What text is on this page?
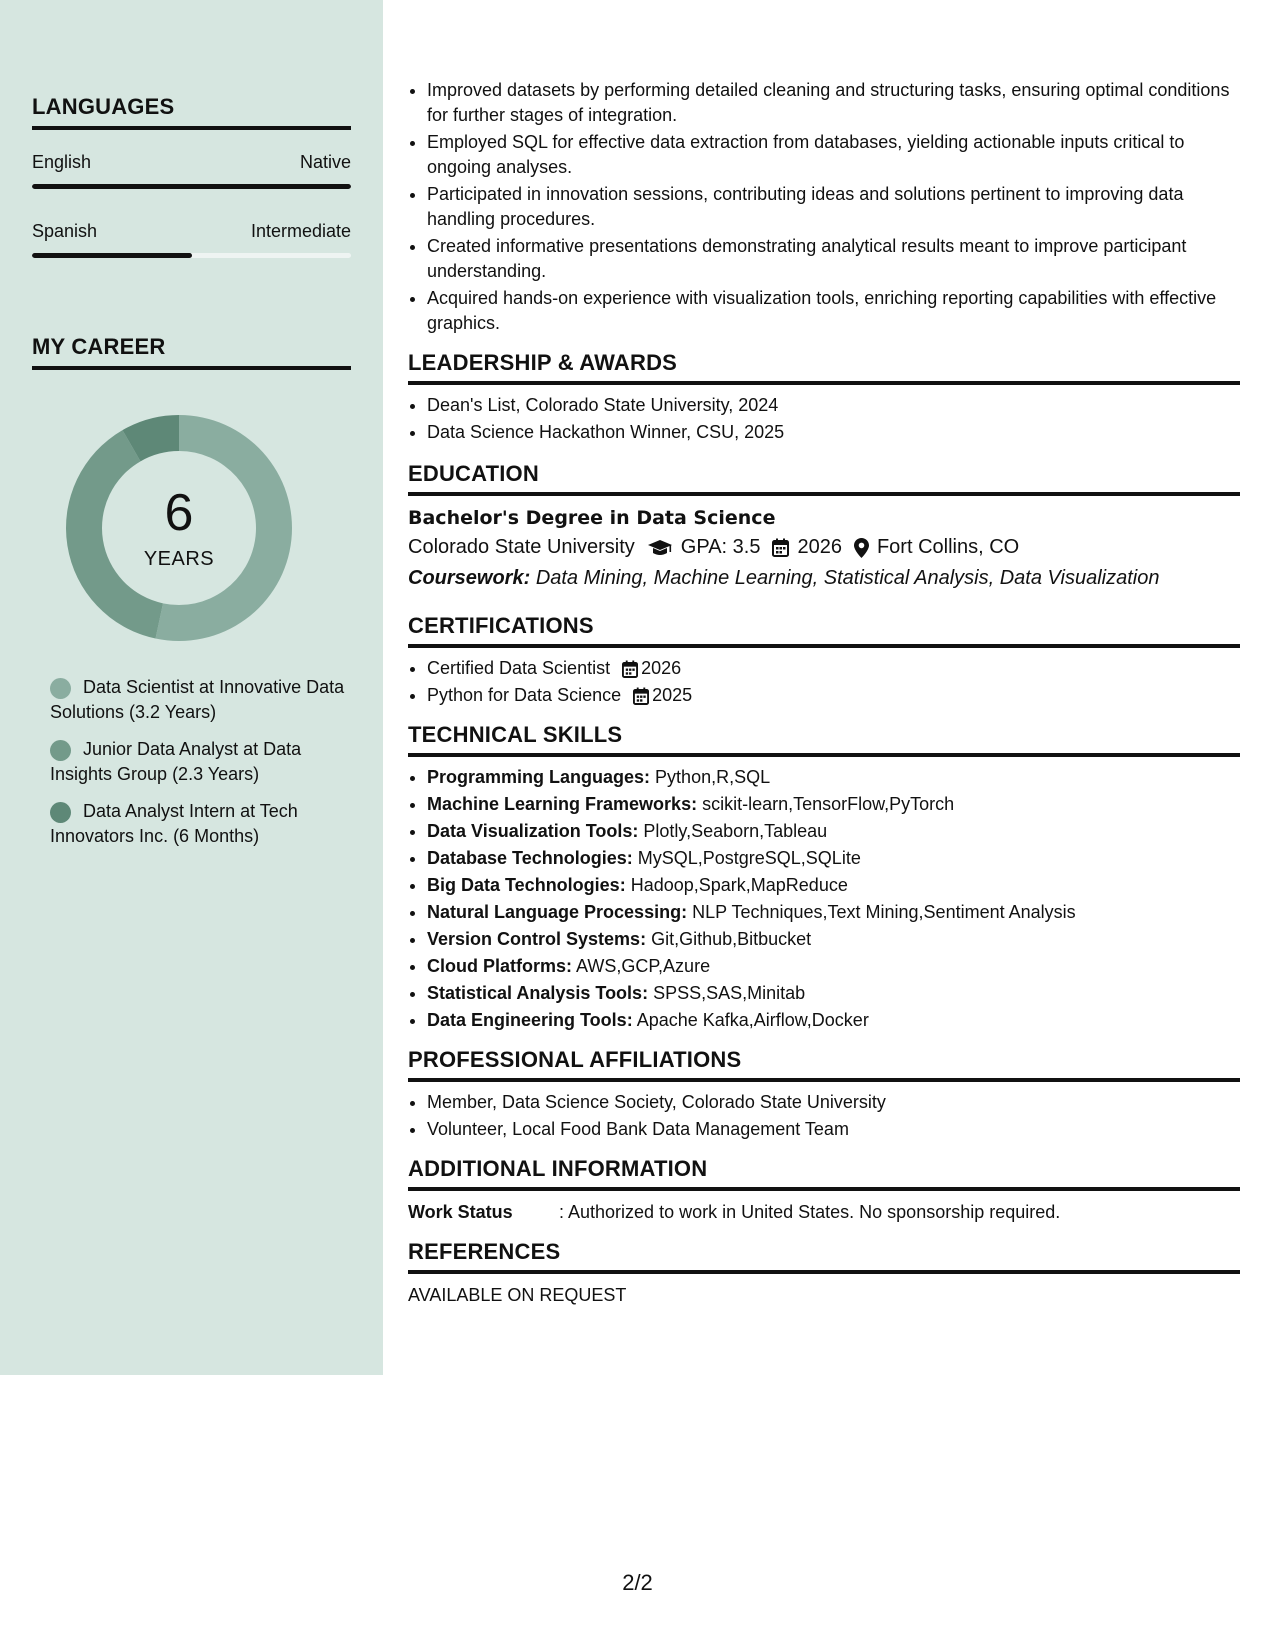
LANGUAGES
English	Native
Spanish	Intermediate
MY CAREER
6
YEARS
Data Scientist at Innovative Data Solutions (3.2 Years)
Junior Data Analyst at Data Insights Group (2.3 Years)
Data Analyst Intern at Tech Innovators Inc. (6 Months)
• Improved datasets by performing detailed cleaning and structuring tasks, ensuring optimal conditions for further stages of integration.
• Employed SQL for effective data extraction from databases, yielding actionable inputs critical to ongoing analyses.
• Participated in innovation sessions, contributing ideas and solutions pertinent to improving data handling procedures.
• Created informative presentations demonstrating analytical results meant to improve participant understanding.
• Acquired hands-on experience with visualization tools, enriching reporting capabilities with effective graphics.
LEADERSHIP & AWARDS
• Dean's List, Colorado State University, 2024
• Data Science Hackathon Winner, CSU, 2025
EDUCATION
Bachelor's Degree in Data Science
Colorado State University GPA: 3.5 2026 Fort Collins, CO
Coursework: Data Mining, Machine Learning, Statistical Analysis, Data Visualization
CERTIFICATIONS
• Certified Data Scientist 2026
• Python for Data Science 2025
TECHNICAL SKILLS
• Programming Languages: Python,R,SQL
• Machine Learning Frameworks: scikit-learn,TensorFlow,PyTorch
• Data Visualization Tools: Plotly,Seaborn,Tableau
• Database Technologies: MySQL,PostgreSQL,SQLite
• Big Data Technologies: Hadoop,Spark,MapReduce
• Natural Language Processing: NLP Techniques,Text Mining,Sentiment Analysis
• Version Control Systems: Git,Github,Bitbucket
• Cloud Platforms: AWS,GCP,Azure
• Statistical Analysis Tools: SPSS,SAS,Minitab
• Data Engineering Tools: Apache Kafka,Airflow,Docker
PROFESSIONAL AFFILIATIONS
• Member, Data Science Society, Colorado State University
• Volunteer, Local Food Bank Data Management Team
ADDITIONAL INFORMATION
Work Status	: Authorized to work in United States. No sponsorship required.
REFERENCES
AVAILABLE ON REQUEST
2/2
